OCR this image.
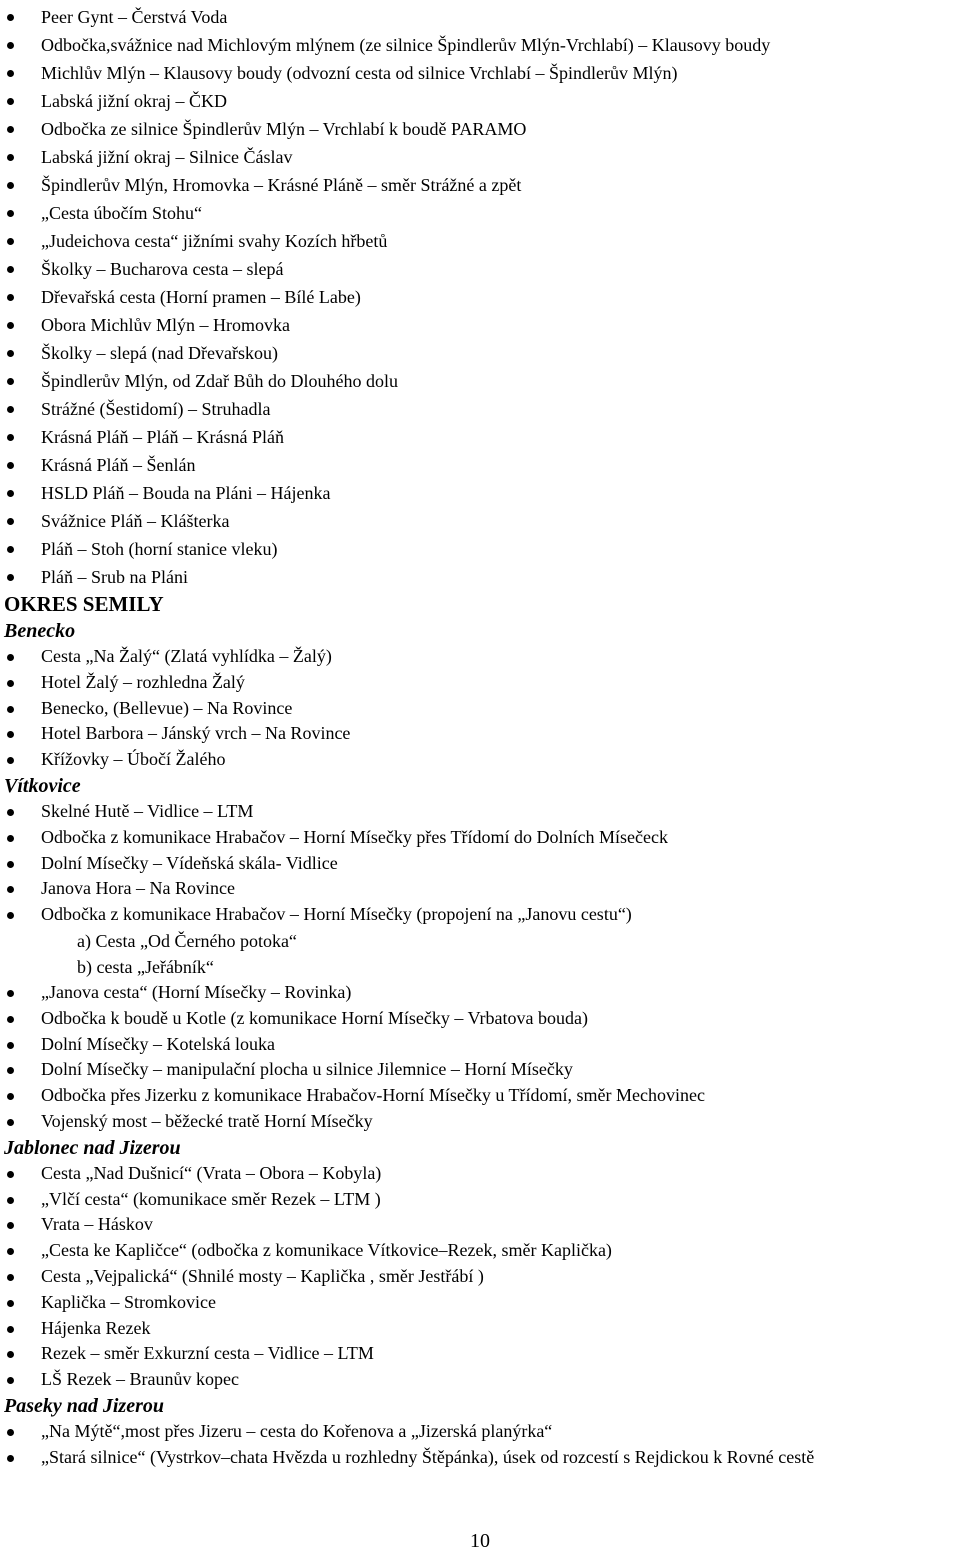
Peer Gynt – Čerstvá Voda
Odbočka,svážnice nad Michlovým mlýnem (ze silnice Špindlerův Mlýn-Vrchlabí) – Klausovy boudy
Michlův Mlýn – Klausovy boudy (odvozní cesta od silnice Vrchlabí – Špindlerův Mlýn)
Labská jižní okraj – ČKD
Odbočka ze silnice Špindlerův Mlýn – Vrchlabí k boudě PARAMO
Labská jižní okraj – Silnice Čáslav
Špindlerův Mlýn, Hromovka – Krásné Pláně – směr Strážné a zpět
„Cesta úbočím Stohu“
„Judeichova cesta“ jižními svahy Kozích hřbetů
Školky – Bucharova cesta – slepá
Dřevařská cesta (Horní pramen – Bílé Labe)
Obora Michlův Mlýn – Hromovka
Školky – slepá (nad Dřevařskou)
Špindlerův Mlýn, od Zdař Bůh do Dlouhého dolu
Strážné (Šestidomí) – Struhadla
Krásná Pláň – Pláň – Krásná Pláň
Krásná Pláň – Šenlán
HSLD Pláň – Bouda na Pláni – Hájenka
Svážnice Pláň – Klášterka
Pláň – Stoh (horní stanice vleku)
Pláň – Srub na Pláni
OKRES SEMILY
Benecko
Cesta „Na Žalý“ (Zlatá vyhlídka – Žalý)
Hotel Žalý – rozhledna Žalý
Benecko, (Bellevue) – Na Rovince
Hotel Barbora – Jánský vrch – Na Rovince
Křížovky – Úbočí Žalého
Vítkovice
Skelné Hutě – Vidlice – LTM
Odbočka z komunikace Hrabačov – Horní Mísečky přes Třídomí do Dolních Mísečeck
Dolní Mísečky – Vídeňská skála- Vidlice
Janova Hora – Na Rovince
Odbočka z komunikace Hrabačov – Horní Mísečky (propojení na „Janovu cestu“)
a) Cesta „Od Černého potoka“
b) cesta „Jeřábník“
„Janova cesta“ (Horní Mísečky – Rovinka)
Odbočka k boudě u Kotle (z komunikace Horní Mísečky – Vrbatova bouda)
Dolní Mísečky – Kotelská louka
Dolní Mísečky – manipulační plocha u silnice Jilemnice – Horní Mísečky
Odbočka přes Jizerku z komunikace Hrabačov-Horní Mísečky u Třídomí, směr Mechovinec
Vojenský most – běžecké tratě Horní Mísečky
Jablonec nad Jizerou
Cesta „Nad Dušnicí“ (Vrata – Obora – Kobyla)
„Vlčí cesta“ (komunikace směr Rezek – LTM )
Vrata – Háskov
„Cesta ke Kapličce“ (odbočka z komunikace Vítkovice–Rezek, směr Kaplička)
Cesta „Vejpalická“ (Shnilé mosty – Kaplička , směr Jestřábí )
Kaplička – Stromkovice
Hájenka Rezek
Rezek – směr Exkurzní cesta – Vidlice – LTM
LŠ Rezek – Braunův kopec
Paseky nad Jizerou
„Na Mýtě“,most přes Jizeru – cesta do Kořenova a „Jizerská planýrka“
„Stará silnice“ (Vystrkov–chata Hvězda u rozhledny Štěpánka), úsek od rozcestí s Rejdickou k Rovné cestě
10
